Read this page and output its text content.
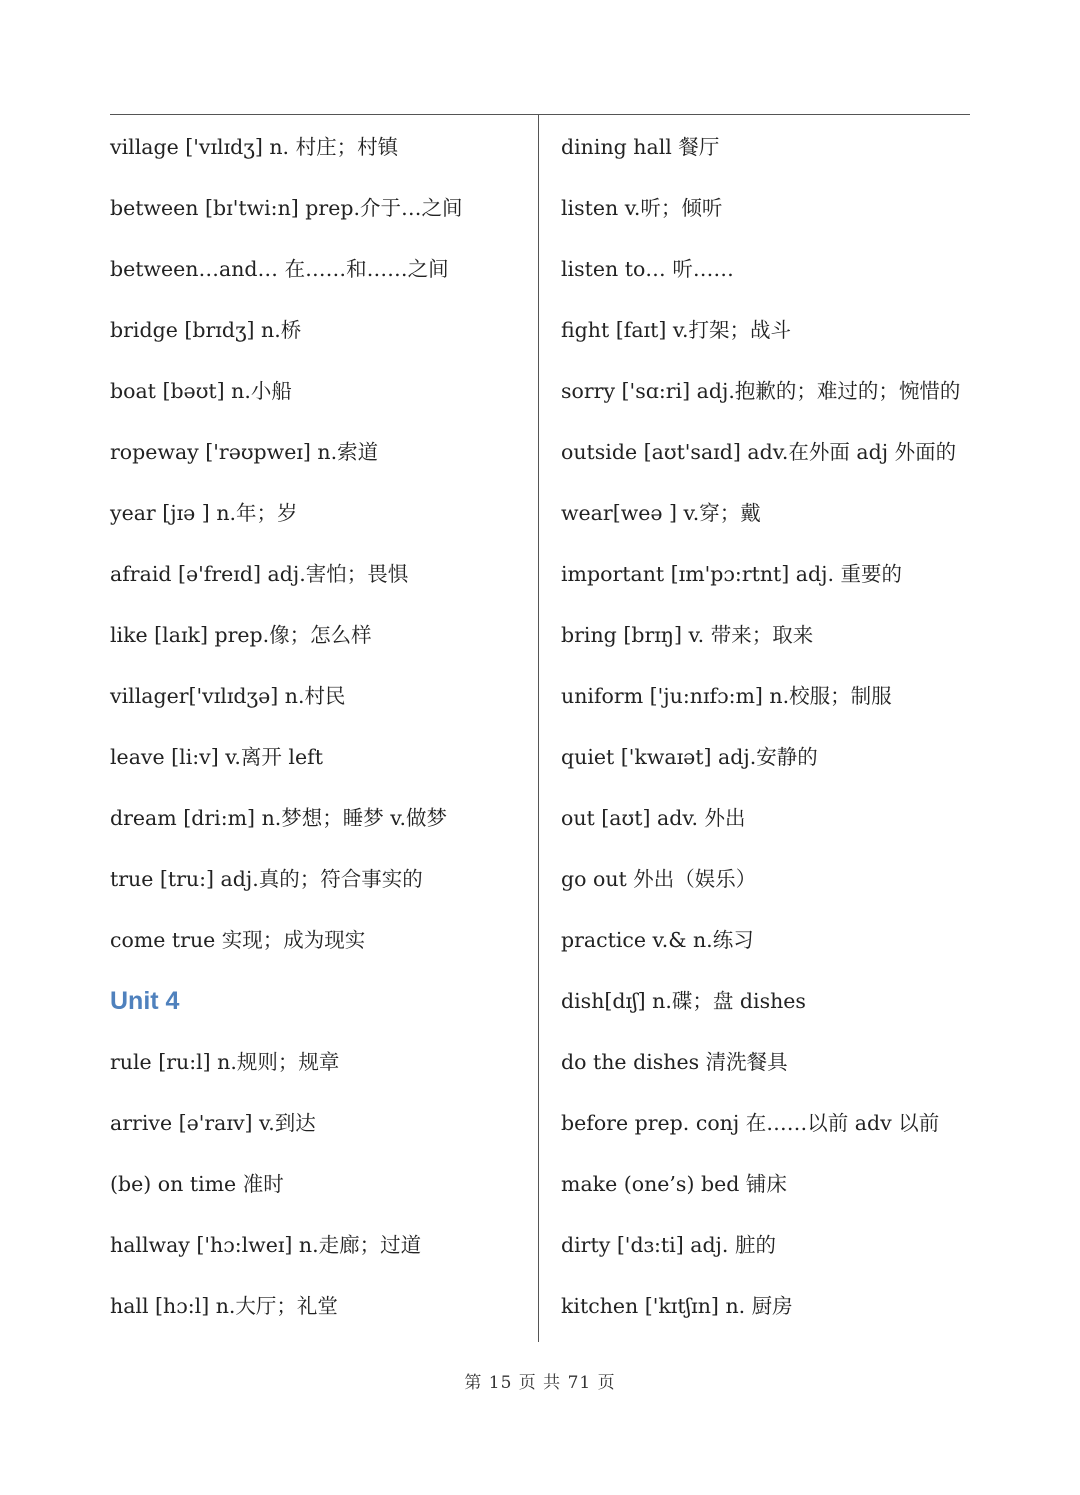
village ['vɪlɪdʒ] n. 村庄；村镇
between [bɪ'twi:n] prep.介于…之间
between…and… 在……和……之间
bridge [brɪdʒ] n.桥
boat [bəʊt] n.小船
ropeway ['rəʊpweɪ] n.索道
year [jɪə ] n.年；岁
afraid [ə'freɪd] adj.害怕；畏惧
like [laɪk] prep.像；怎么样
villager['vɪlɪdʒə] n.村民
leave [li:v] v.离开 left
dream [dri:m] n.梦想；睡梦 v.做梦
true [tru:] adj.真的；符合事实的
come true 实现；成为现实
Unit 4
rule [ru:l] n.规则；规章
arrive [ə'raɪv] v.到达
(be) on time 准时
hallway ['hɔ:lweɪ] n.走廊；过道
hall [hɔ:l] n.大厅；礼堂
dining hall 餐厅
listen v.听；倾听
listen to… 听……
fight [faɪt] v.打架；战斗
sorry ['sɑ:ri] adj.抱歉的；难过的；惋惜的
outside [aʊt'saɪd] adv.在外面 adj 外面的
wear[weə ] v.穿；戴
important [ɪm'pɔ:rtnt] adj. 重要的
bring [brɪŋ] v. 带来；取来
uniform ['ju:nɪfɔ:m] n.校服；制服
quiet ['kwaɪət] adj.安静的
out [aʊt] adv. 外出
go out 外出（娱乐）
practice v.& n.练习
dish[dɪʃ] n.碟；盘 dishes
do the dishes 清洗餐具
before prep. conj 在……以前 adv 以前
make (one’s) bed 铺床
dirty ['dɜ:ti] adj. 脏的
kitchen ['kɪtʃɪn] n. 厨房
第 15 页 共 71 页
